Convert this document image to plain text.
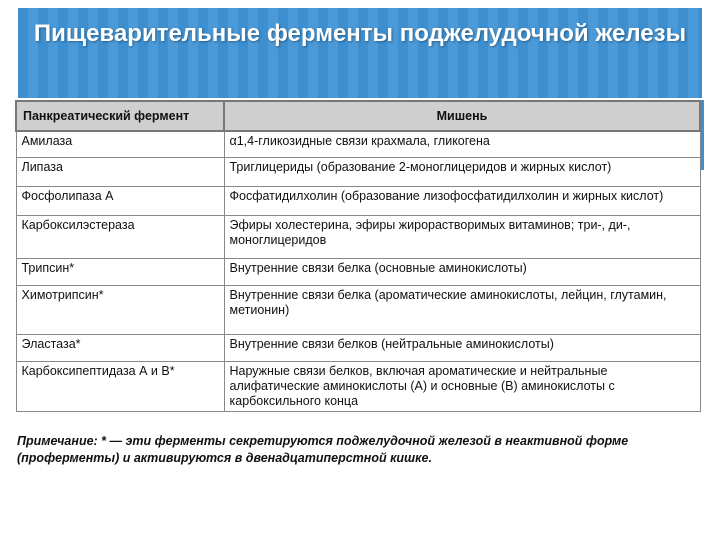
Пищеварительные ферменты поджелудочной железы
Панкреатический фермент	Мишень
Амилаза	α1,4-гликозидные связи крахмала, гликогена
Липаза	Триглицериды (образование 2-моноглицеридов и жирных кислот)
Фосфолипаза А	Фосфатидилхолин (образование лизофосфатидилхолин и жирных кислот)
Карбоксилэстераза	Эфиры холестерина, эфиры жирорастворимых витаминов; три-, ди-, моноглицеридов
Трипсин*	Внутренние связи белка (основные аминокислоты)
Химотрипсин*	Внутренние связи белка (ароматические аминокислоты, лейцин, глутамин, метионин)
Эластаза*	Внутренние связи белков (нейтральные аминокислоты)
Карбоксипептидаза А и В*	Наружные связи белков, включая ароматические и нейтральные алифатические аминокислоты (А) и основные (В) аминокислоты с карбоксильного конца
Примечание: * — эти ферменты секретируются поджелудочной железой в неактивной форме (проферменты) и активируются в двенадцатиперстной кишке.
